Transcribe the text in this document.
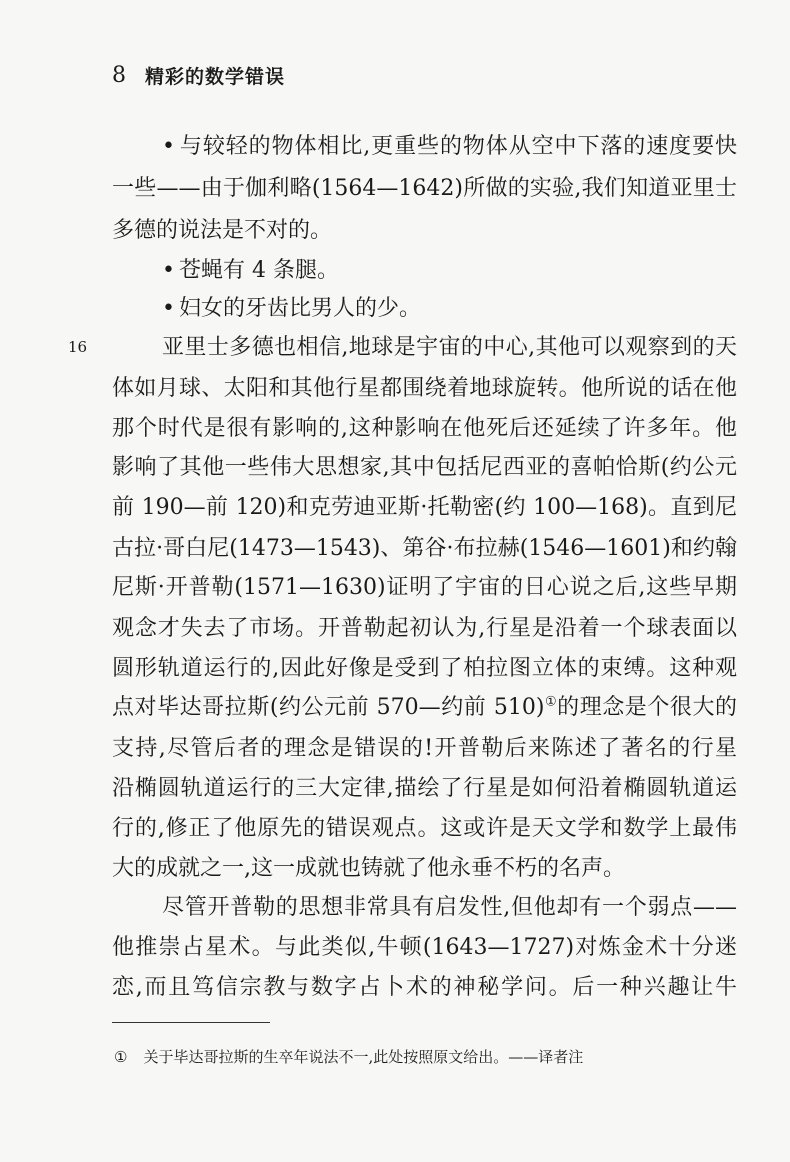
8 精彩的数学错误
16
• 与较轻的物体相比,更重些的物体从空中下落的速度要快
一些——由于伽利略(1564—1642)所做的实验,我们知道亚里士
多德的说法是不对的。
• 苍蝇有 4 条腿。
• 妇女的牙齿比男人的少。
亚里士多德也相信,地球是宇宙的中心,其他可以观察到的天
体如月球、太阳和其他行星都围绕着地球旋转。他所说的话在他
那个时代是很有影响的,这种影响在他死后还延续了许多年。他
影响了其他一些伟大思想家,其中包括尼西亚的喜帕恰斯(约公元
前 190—前 120)和克劳迪亚斯·托勒密(约 100—168)。直到尼
古拉·哥白尼(1473—1543)、第谷·布拉赫(1546—1601)和约翰
尼斯·开普勒(1571—1630)证明了宇宙的日心说之后,这些早期
观念才失去了市场。开普勒起初认为,行星是沿着一个球表面以
圆形轨道运行的,因此好像是受到了柏拉图立体的束缚。这种观
点对毕达哥拉斯(约公元前 570—约前 510)①的理念是个很大的
支持,尽管后者的理念是错误的!开普勒后来陈述了著名的行星
沿椭圆轨道运行的三大定律,描绘了行星是如何沿着椭圆轨道运
行的,修正了他原先的错误观点。这或许是天文学和数学上最伟
大的成就之一,这一成就也铸就了他永垂不朽的名声。
尽管开普勒的思想非常具有启发性,但他却有一个弱点——
他推崇占星术。与此类似,牛顿(1643—1727)对炼金术十分迷
恋,而且笃信宗教与数字占卜术的神秘学问。后一种兴趣让牛
① 关于毕达哥拉斯的生卒年说法不一,此处按照原文给出。——译者注
